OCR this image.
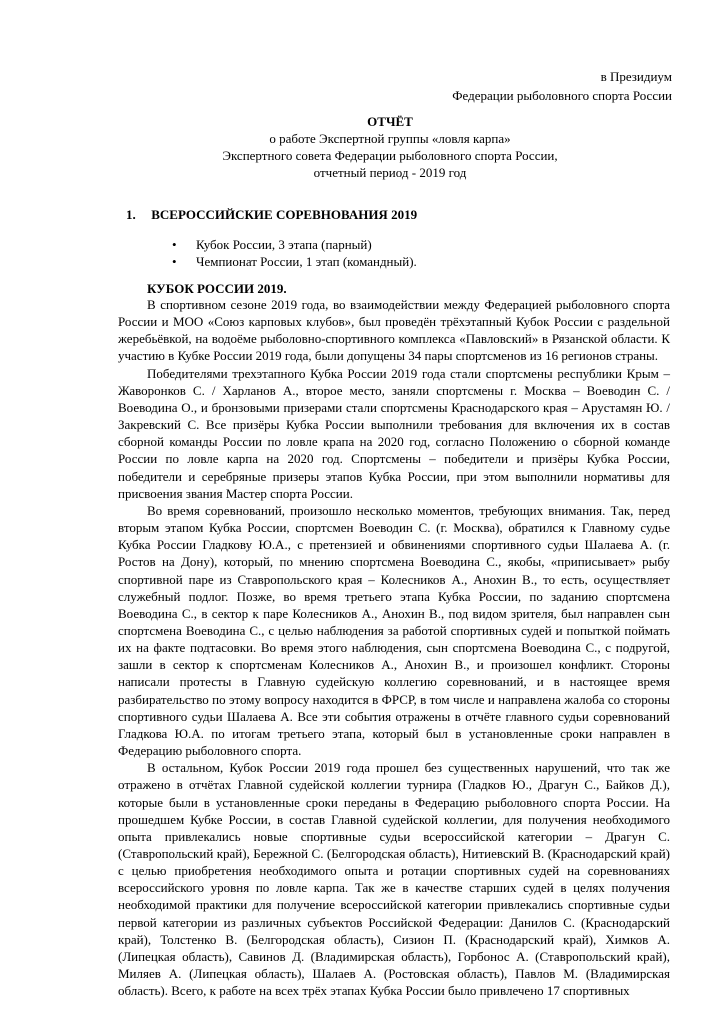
в Президиум
Федерации рыболовного спорта России
ОТЧЁТ
о работе Экспертной группы «ловля карпа»
Экспертного совета Федерации рыболовного спорта России,
отчетный период - 2019 год
1. ВСЕРОССИЙСКИЕ СОРЕВНОВАНИЯ 2019
• Кубок России, 3 этапа (парный)
• Чемпионат России, 1 этап (командный).
КУБОК РОССИИ 2019.

В спортивном сезоне 2019 года, во взаимодействии между Федерацией рыболовного спорта России и МОО «Союз карповых клубов», был проведён трёхэтапный Кубок России с раздельной жеребьёвкой, на водоёме рыболовно-спортивного комплекса «Павловский» в Рязанской области. К участию в Кубке России 2019 года, были допущены 34 пары спортсменов из 16 регионов страны.

Победителями трехэтапного Кубка России 2019 года стали спортсмены республики Крым – Жаворонков С. / Харланов А., второе место, заняли спортсмены г. Москва – Воеводин С. / Воеводина О., и бронзовыми призерами стали спортсмены Краснодарского края – Арустамян Ю. / Закревский С. Все призёры Кубка России выполнили требования для включения их в состав сборной команды России по ловле крапа на 2020 год, согласно Положению о сборной команде России по ловле карпа на 2020 год. Спортсмены – победители и призёры Кубка России, победители и серебряные призеры этапов Кубка России, при этом выполнили нормативы для присвоения звания Мастер спорта России.

Во время соревнований, произошло несколько моментов, требующих внимания. Так, перед вторым этапом Кубка России, спортсмен Воеводин С. (г. Москва), обратился к Главному судье Кубка России Гладкову Ю.А., с претензией и обвинениями спортивного судьи Шалаева А. (г. Ростов на Дону), который, по мнению спортсмена Воеводина С., якобы, «приписывает» рыбу спортивной паре из Ставропольского края – Колесников А., Анохин В., то есть, осуществляет служебный подлог. Позже, во время третьего этапа Кубка России, по заданию спортсмена Воеводина С., в сектор к паре Колесников А., Анохин В., под видом зрителя, был направлен сын спортсмена Воеводина С., с целью наблюдения за работой спортивных судей и попыткой поймать их на факте подтасовки. Во время этого наблюдения, сын спортсмена Воеводина С., с подругой, зашли в сектор к спортсменам Колесников А., Анохин В., и произошел конфликт. Стороны написали протесты в Главную судейскую коллегию соревнований, и в настоящее время разбирательство по этому вопросу находится в ФРСР, в том числе и направлена жалоба со стороны спортивного судьи Шалаева А. Все эти события отражены в отчёте главного судьи соревнований Гладкова Ю.А. по итогам третьего этапа, который был в установленные сроки направлен в Федерацию рыболовного спорта.

В остальном, Кубок России 2019 года прошел без существенных нарушений, что так же отражено в отчётах Главной судейской коллегии турнира (Гладков Ю., Драгун С., Байков Д.), которые были в установленные сроки переданы в Федерацию рыболовного спорта России. На прошедшем Кубке России, в состав Главной судейской коллегии, для получения необходимого опыта привлекались новые спортивные судьи всероссийской категории – Драгун С. (Ставропольский край), Бережной С. (Белгородская область), Нитиевский В. (Краснодарский край) с целью приобретения необходимого опыта и ротации спортивных судей на соревнованиях всероссийского уровня по ловле карпа. Так же в качестве старших судей в целях получения необходимой практики для получение всероссийской категории привлекались спортивные судьи первой категории из различных субъектов Российской Федерации: Данилов С. (Краснодарский край), Толстенко В. (Белгородская область), Сизион П. (Краснодарский край), Химков А. (Липецкая область), Савинов Д. (Владимирская область), Горбонос А. (Ставропольский край), Миляев А. (Липецкая область), Шалаев А. (Ростовская область), Павлов М. (Владимирская область). Всего, к работе на всех трёх этапах Кубка России было привлечено 17 спортивных
